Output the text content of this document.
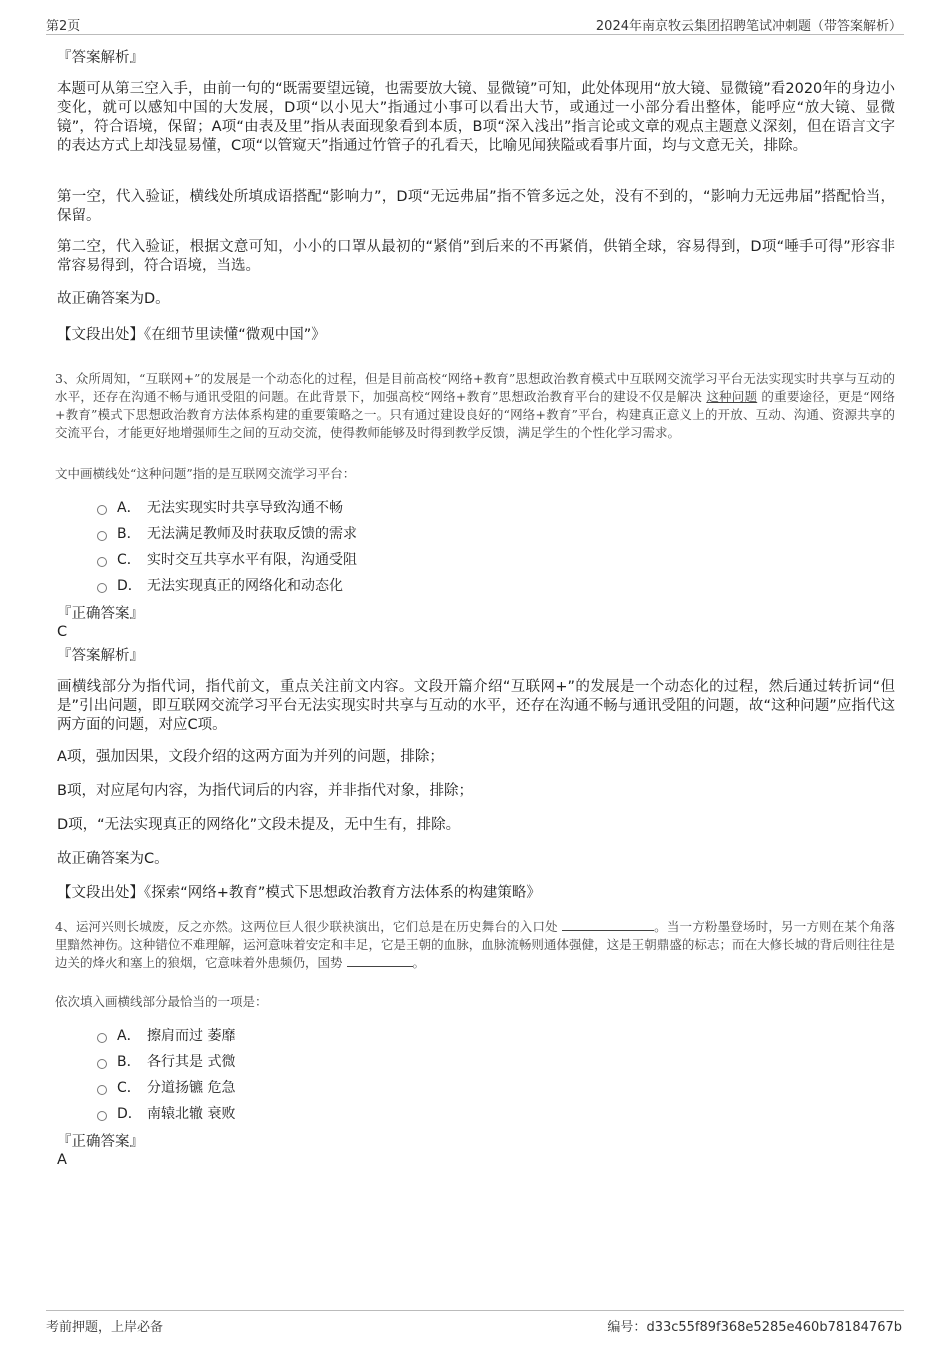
第2页	2024年南京牧云集团招聘笔试冲刺题（带答案解析）
『答案解析』

本题可从第三空入手，由前一句的“既需要望远镜，也需要放大镜、显微镜”可知，此处体现用“放大镜、显微镜”看2020年的身边小变化，就可以感知中国的大发展，D项“以小见大”指通过小事可以看出大节，或通过一小部分看出整体，能呼应“放大镜、显微镜”，符合语境，保留；A项“由表及里”指从表面现象看到本质，B项“深入浅出”指言论或文章的观点主题意义深刻，但在语言文字的表达方式上却浅显易懂，C项“以管窥天”指通过竹管子的孔看天，比喻见闻狭隘或看事片面，均与文意无关，排除。

第一空，代入验证，横线处所填成语搭配“影响力”，D项“无远弗届”指不管多远之处，没有不到的，“影响力无远弗届”搭配恰当，保留。

第二空，代入验证，根据文意可知，小小的口罩从最初的“紧俏”到后来的不再紧俏，供销全球，容易得到，D项“唾手可得”形容非常容易得到，符合语境，当选。

故正确答案为D。

【文段出处】《在细节里读懂“微观中国”》

3、众所周知，“互联网+”的发展是一个动态化的过程，但是目前高校“网络+教育”思想政治教育模式中互联网交流学习平台无法实现实时共享与互动的水平，还存在沟通不畅与通讯受阻的问题。在此背景下，加强高校“网络+教育”思想政治教育平台的建设不仅是解决 这种问题 的重要途径，更是“网络+教育”模式下思想政治教育方法体系构建的重要策略之一。只有通过建设良好的“网络+教育”平台，构建真正意义上的开放、互动、沟通、资源共享的交流平台，才能更好地增强师生之间的互动交流，使得教师能够及时得到教学反馈，满足学生的个性化学习需求。

文中画横线处“这种问题”指的是互联网交流学习平台：
A． 无法实现实时共享导致沟通不畅
B． 无法满足教师及时获取反馈的需求
C． 实时交互共享水平有限，沟通受阻
D． 无法实现真正的网络化和动态化
『正确答案』
C
『答案解析』

画横线部分为指代词，指代前文，重点关注前文内容。文段开篇介绍“互联网+”的发展是一个动态化的过程，然后通过转折词“但是”引出问题，即互联网交流学习平台无法实现实时共享与互动的水平，还存在沟通不畅与通讯受阻的问题，故“这种问题”应指代这两方面的问题，对应C项。

A项，强加因果，文段介绍的这两方面为并列的问题，排除；

B项，对应尾句内容，为指代词后的内容，并非指代对象，排除；

D项，“无法实现真正的网络化”文段未提及，无中生有，排除。

故正确答案为C。

【文段出处】《探索“网络+教育”模式下思想政治教育方法体系的构建策略》

4、运河兴则长城废，反之亦然。这两位巨人很少联袂演出，它们总是在历史舞台的入口处	。当一方粉墨登场时，另一方则在某个角落里黯然神伤。这种错位不难理解，运河意味着安定和丰足，它是王朝的血脉，血脉流畅则通体强健，这是王朝鼎盛的标志；而在大修长城的背后则往往是边关的烽火和塞上的狼烟，它意味着外患频仍，国势	。

依次填入画横线部分最恰当的一项是：
A． 擦肩而过 萎靡
B． 各行其是 式微
C． 分道扬镳 危急
D． 南辕北辙 衰败
『正确答案』
A
考前押题，上岸必备	编号：d33c55f89f368e5285e460b78184767b
